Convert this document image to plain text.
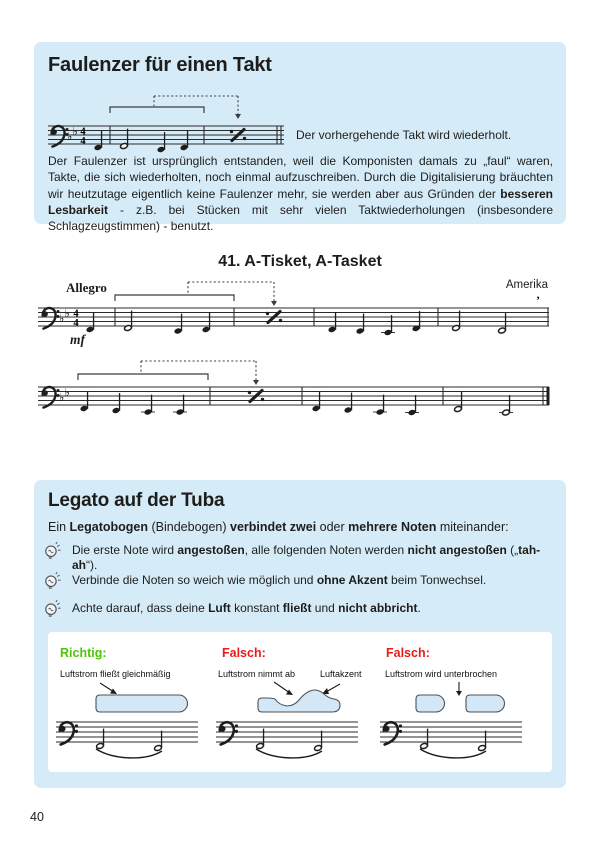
Faulenzer für einen Takt
♭ ♭ 4
4	Der vorhergehende Takt wird wiederholt.
Der Faulenzer ist ursprünglich entstanden, weil die Komponisten damals zu „faul“ waren, Takte, die sich wiederholten, noch einmal aufzuschreiben. Durch die Digitalisierung bräuchten wir heutzutage eigentlich keine Faulenzer mehr, sie werden aber aus Gründen der besseren Lesbarkeit - z.B. bei Stücken mit sehr vielen Taktwiederholungen (insbesondere Schlagzeugstimmen) - benutzt.
41. A-Tisket, A-Tasket
Allegro	Amerika
mf
♭ ♭ 4
4
’
♭ ♭
Legato auf der Tuba
Ein Legatobogen (Bindebogen) verbindet zwei oder mehrere Noten miteinander:
Die erste Note wird angestoßen, alle folgenden Noten werden nicht angestoßen („tah-ah“).
Verbinde die Noten so weich wie möglich und ohne Akzent beim Tonwechsel.
Achte darauf, dass deine Luft konstant fließt und nicht abbricht.
Richtig:	Falsch:	Falsch:
Luftstrom fließt gleichmäßig	Luftstrom nimmt ab	Luftakzent	Luftstrom wird unterbrochen
40
